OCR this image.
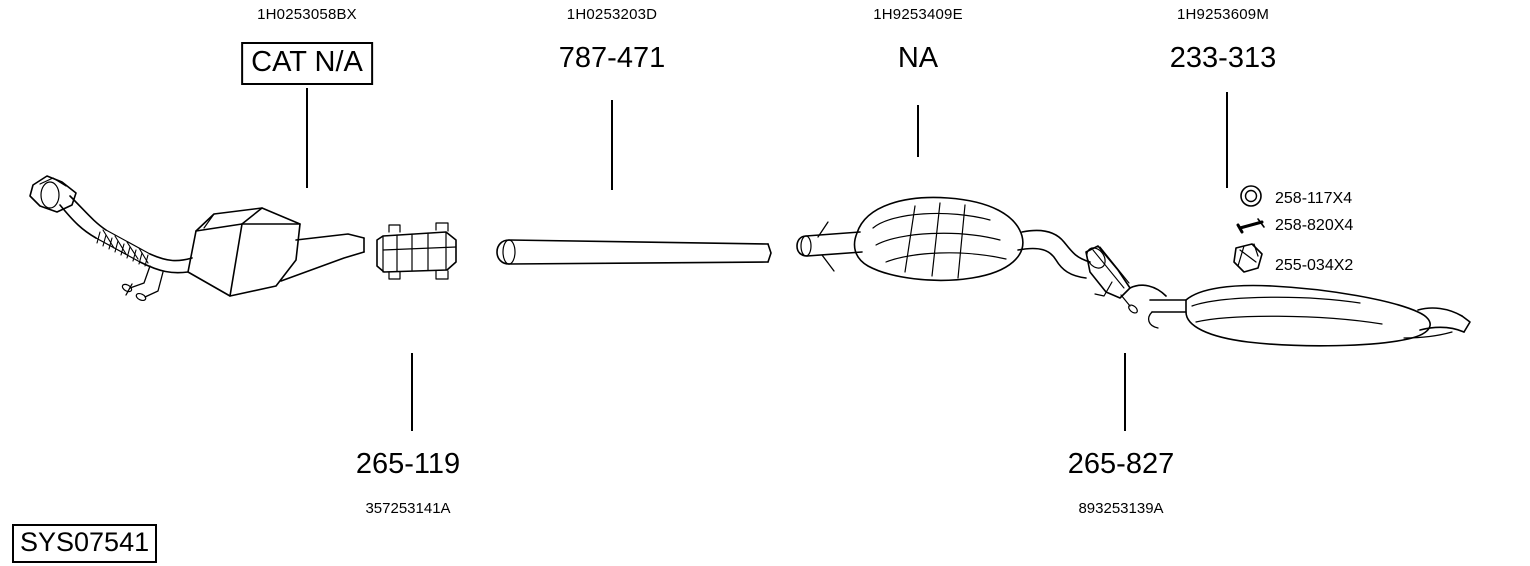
1H0253058BX
CAT N/A
1H0253203D
787-471
1H9253409E
NA
1H9253609M
233-313
258-117X4
258-820X4
255-034X2
265-119
357253141A
265-827
893253139A
SYS07541
